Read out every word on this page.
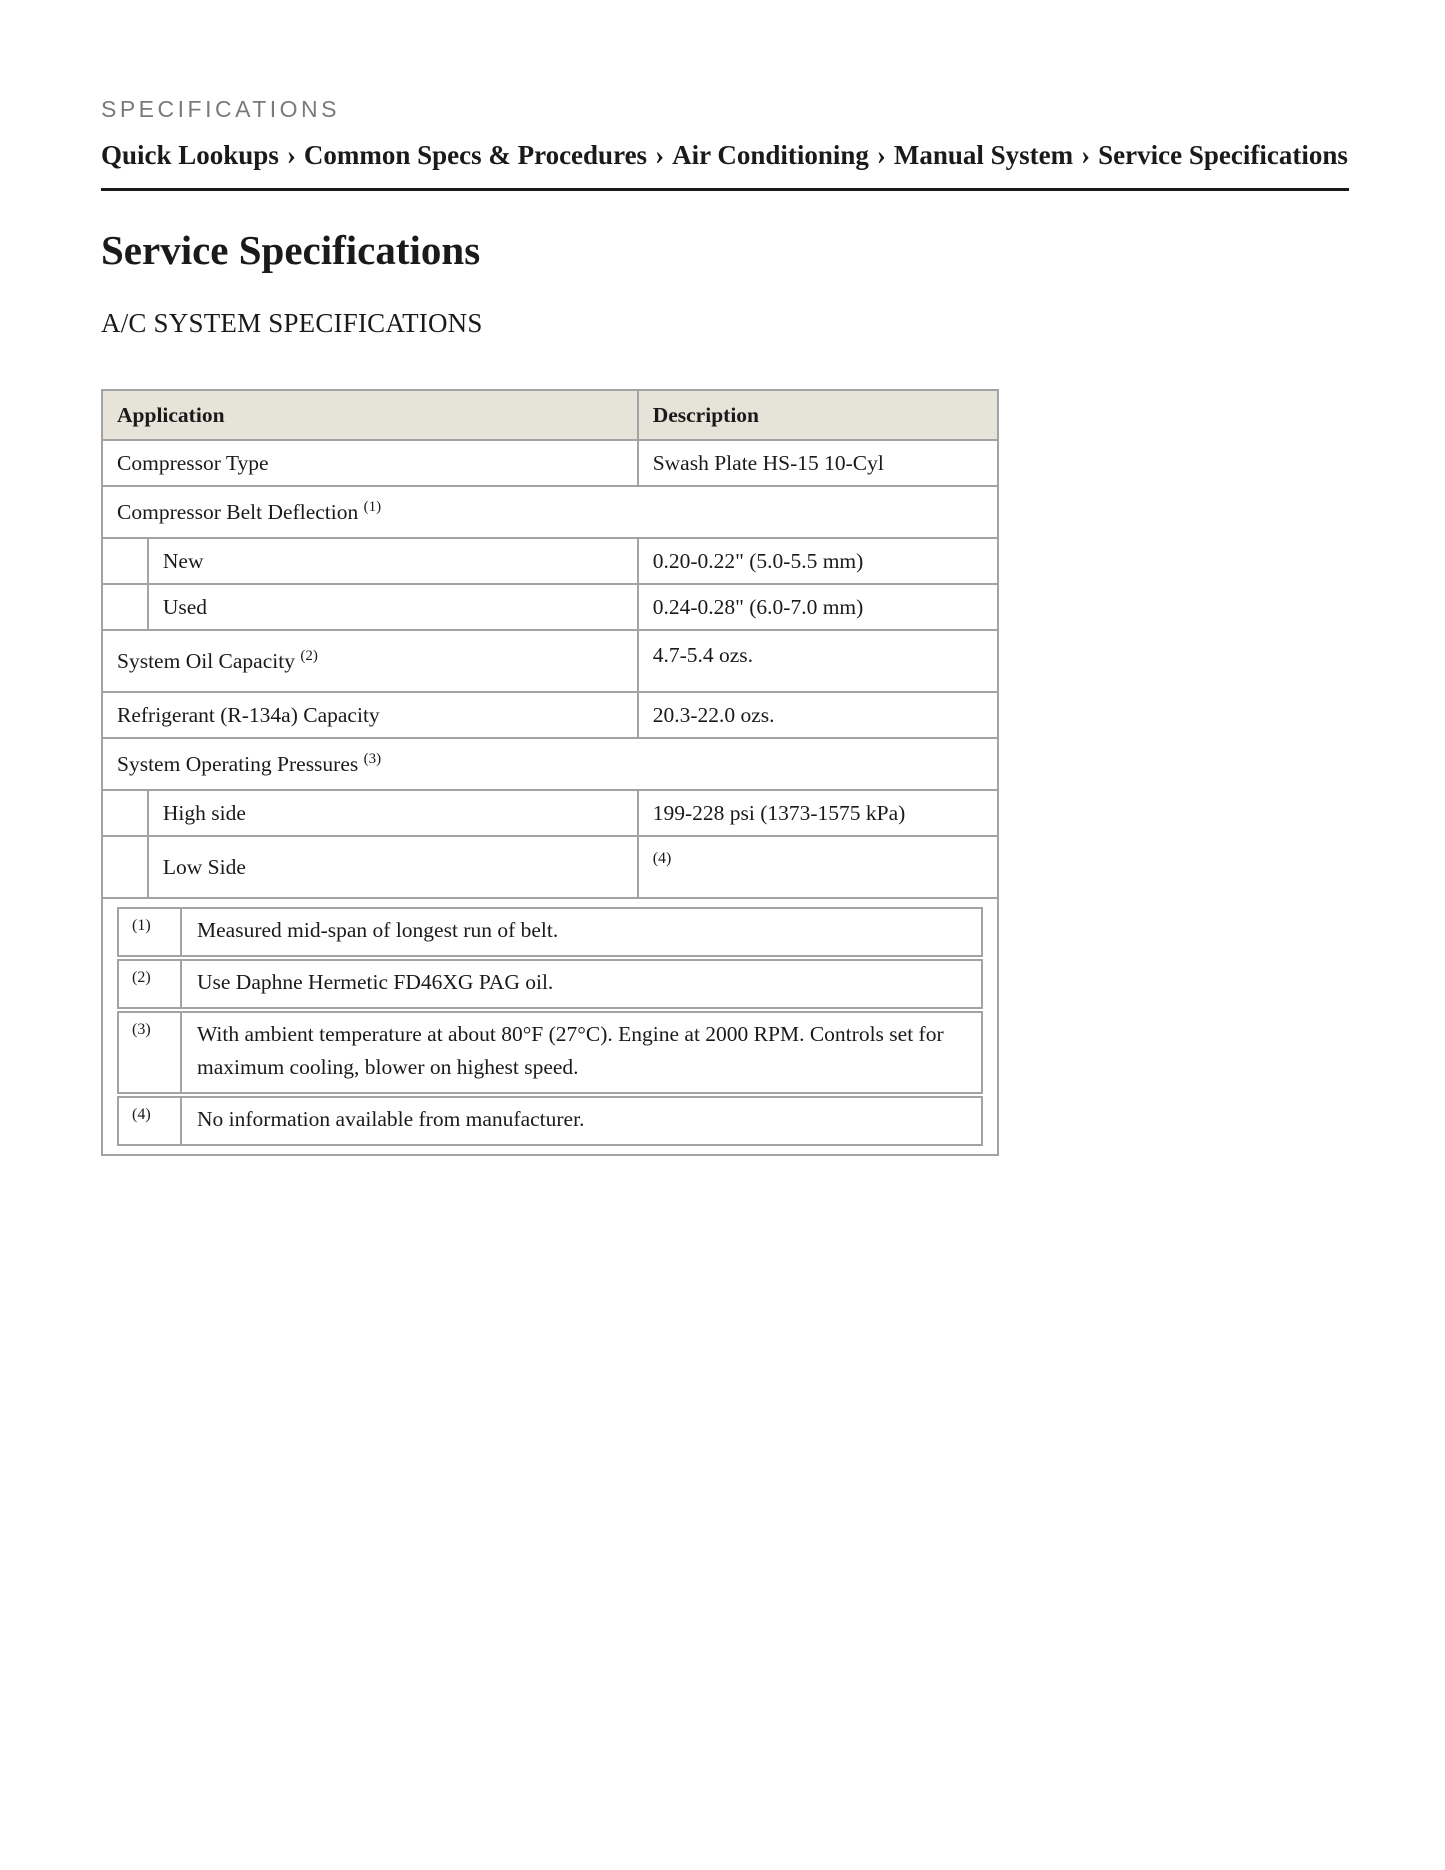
SPECIFICATIONS
Quick Lookups › Common Specs & Procedures › Air Conditioning › Manual System › Service Specifications
Service Specifications
A/C SYSTEM SPECIFICATIONS
Application	Description
Compressor Type	Swash Plate HS-15 10-Cyl
Compressor Belt Deflection $^{(1)}$
	New	0.20-0.22" (5.0-5.5 mm)
	Used	0.24-0.28" (6.0-7.0 mm)
System Oil Capacity $^{(2)}$	4.7-5.4 ozs.
Refrigerant (R-134a) Capacity	20.3-22.0 ozs.
System Operating Pressures $^{(3)}$
	High side	199-228 psi (1373-1575 kPa)
	Low Side	$^{(4)}$

(1)	Measured mid-span of longest run of belt.
(2)	Use Daphne Hermetic FD46XG PAG oil.
(3)	With ambient temperature at about 80°F (27°C). Engine at 2000 RPM. Controls set for maximum cooling, blower on highest speed.
(4)	No information available from manufacturer.
